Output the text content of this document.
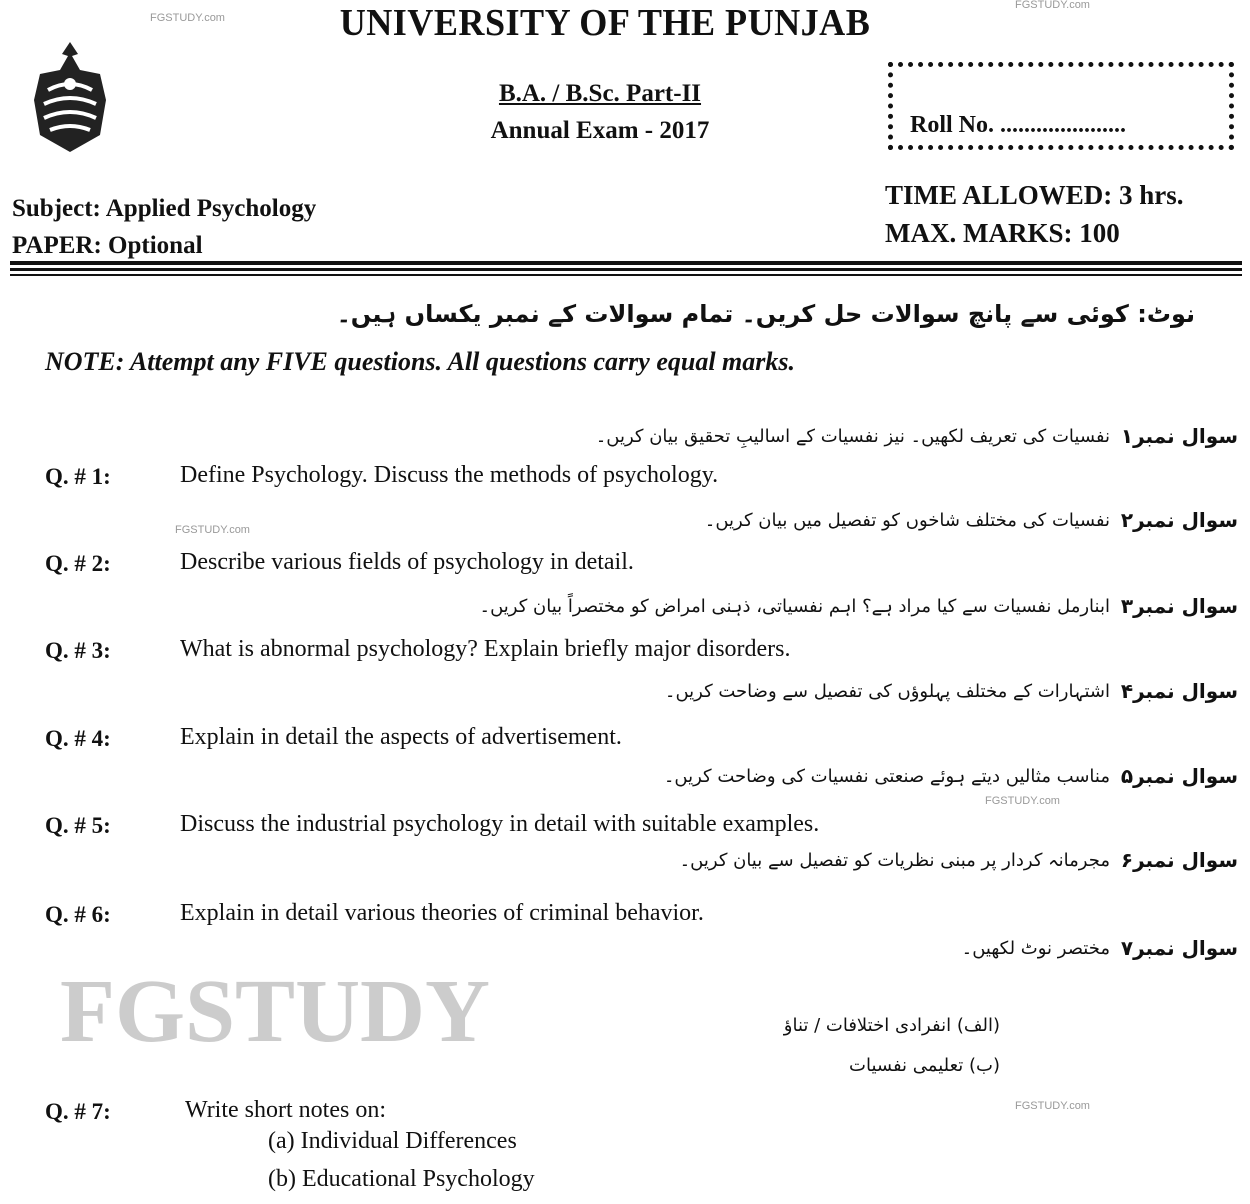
FGSTUDY.com
FGSTUDY.com
FGSTUDY.com
FGSTUDY.com
FGSTUDY.com
FGSTUDY
UNIVERSITY OF THE PUNJAB
B.A. / B.Sc. Part-II
Annual Exam - 2017	Roll No. .....................
Subject: Applied Psychology
PAPER: Optional
TIME ALLOWED: 3 hrs.
MAX. MARKS: 100
نوٹ: کوئی سے پانچ سوالات حل کریں۔ تمام سوالات کے نمبر یکساں ہیں۔
NOTE: Attempt any FIVE questions. All questions carry equal marks.
سوال نمبر۱
نفسیات کی تعریف لکھیں۔ نیز نفسیات کے اسالیبِ تحقیق بیان کریں۔
Q. # 1:	Define Psychology. Discuss the methods of psychology.
سوال نمبر۲
نفسیات کی مختلف شاخوں کو تفصیل میں بیان کریں۔
Q. # 2:	Describe various fields of psychology in detail.
سوال نمبر۳
ابنارمل نفسیات سے کیا مراد ہے؟ اہم نفسیاتی، ذہنی امراض کو مختصراً بیان کریں۔
Q. # 3:	What is abnormal psychology? Explain briefly major disorders.
سوال نمبر۴
اشتہارات کے مختلف پہلوؤں کی تفصیل سے وضاحت کریں۔
Q. # 4:	Explain in detail the aspects of advertisement.
سوال نمبر۵
مناسب مثالیں دیتے ہوئے صنعتی نفسیات کی وضاحت کریں۔
Q. # 5:	Discuss the industrial psychology in detail with suitable examples.
سوال نمبر۶
مجرمانہ کردار پر مبنی نظریات کو تفصیل سے بیان کریں۔
Q. # 6:	Explain in detail various theories of criminal behavior.
سوال نمبر۷
مختصر نوٹ لکھیں۔
(الف) انفرادی اختلافات / تناؤ
(ب) تعلیمی نفسیات
Q. # 7:	Write short notes on:
(a) Individual Differences
(b) Educational Psychology
